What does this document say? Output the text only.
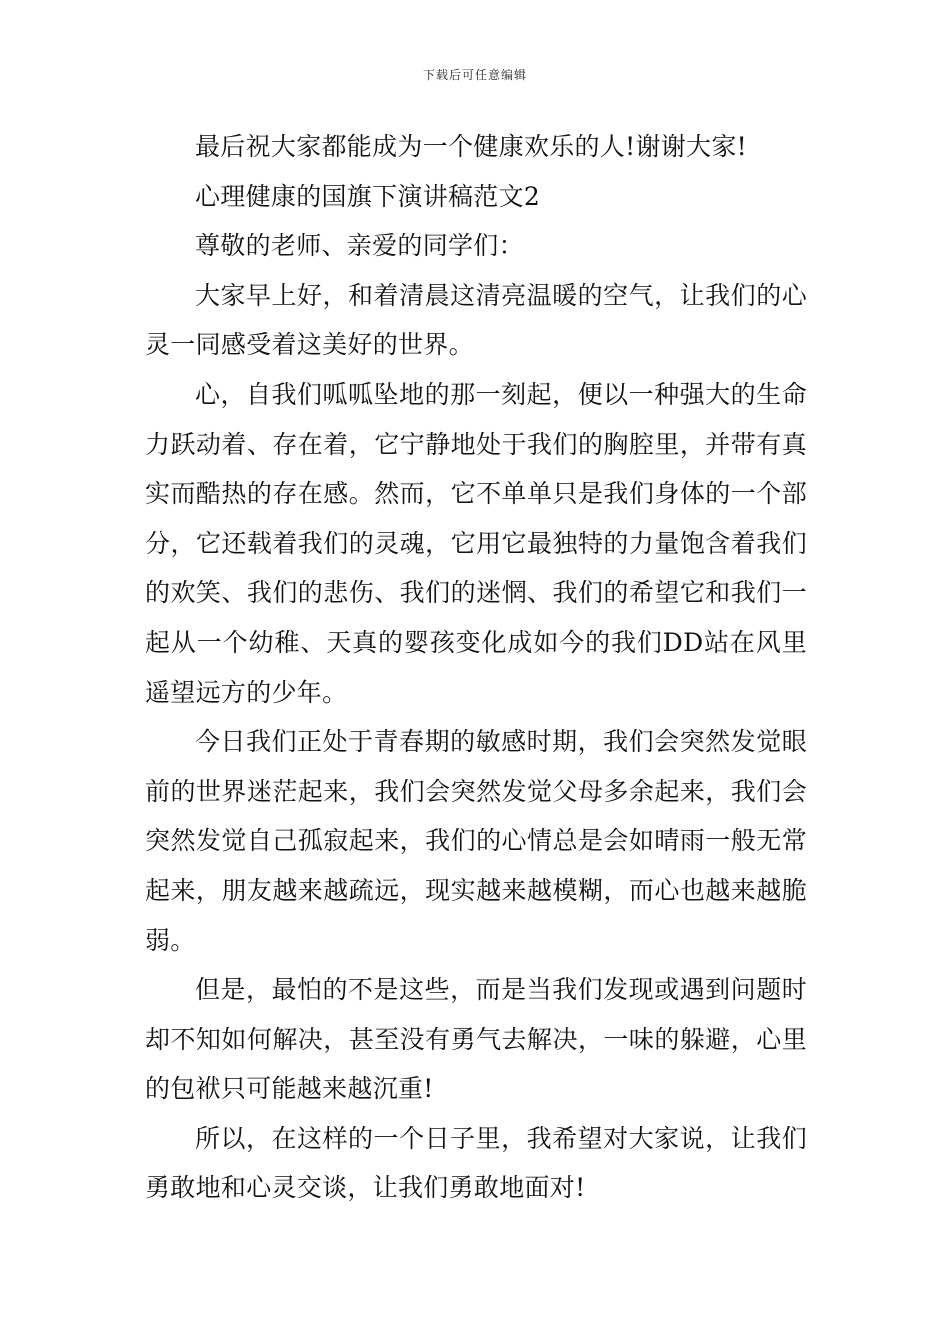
下载后可任意编辑

最后祝大家都能成为一个健康欢乐的人!谢谢大家!

心理健康的国旗下演讲稿范文2

尊敬的老师、亲爱的同学们：

大家早上好，和着清晨这清亮温暖的空气，让我们的心灵一同感受着这美好的世界。

心，自我们呱呱坠地的那一刻起，便以一种强大的生命力跃动着、存在着，它宁静地处于我们的胸腔里，并带有真实而酷热的存在感。然而，它不单单只是我们身体的一个部分，它还载着我们的灵魂，它用它最独特的力量饱含着我们的欢笑、我们的悲伤、我们的迷惘、我们的希望它和我们一起从一个幼稚、天真的婴孩变化成如今的我们DD站在风里遥望远方的少年。

今日我们正处于青春期的敏感时期，我们会突然发觉眼前的世界迷茫起来，我们会突然发觉父母多余起来，我们会突然发觉自己孤寂起来，我们的心情总是会如晴雨一般无常起来，朋友越来越疏远，现实越来越模糊，而心也越来越脆弱。

但是，最怕的不是这些，而是当我们发现或遇到问题时却不知如何解决，甚至没有勇气去解决，一味的躲避，心里的包袱只可能越来越沉重!

所以，在这样的一个日子里，我希望对大家说，让我们勇敢地和心灵交谈，让我们勇敢地面对!
